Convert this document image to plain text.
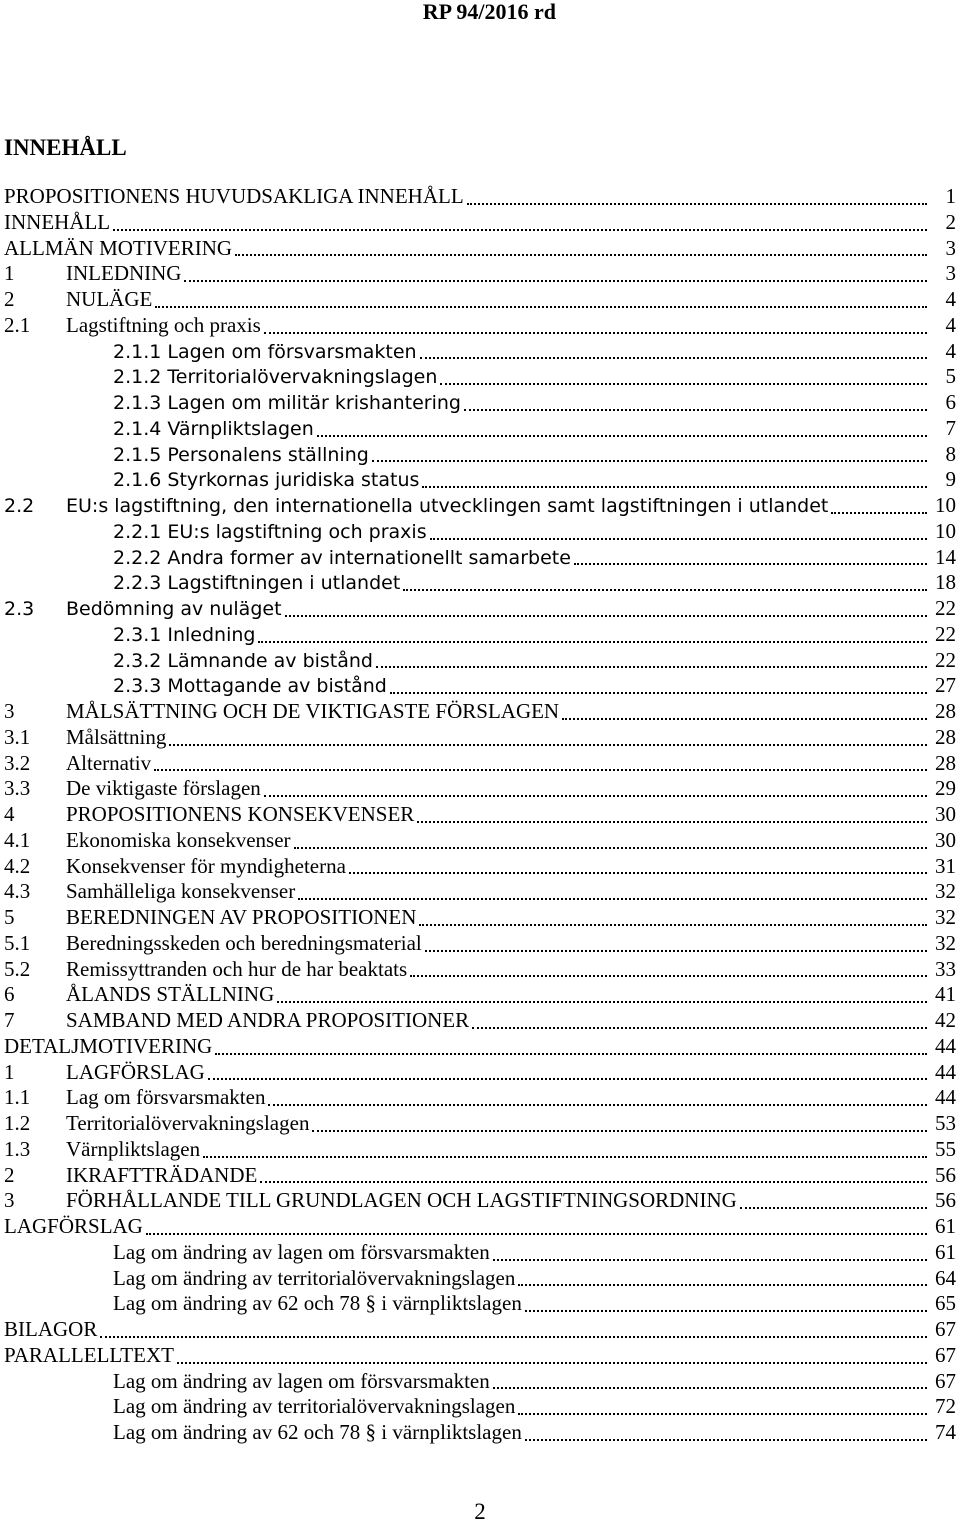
RP 94/2016 rd
INNEHÅLL
PROPOSITIONENS HUVUDSAKLIGA INNEHÅLL	1
INNEHÅLL	2
ALLMÄN MOTIVERING	3
1	INLEDNING	3
2	NULÄGE	4
2.1	Lagstiftning och praxis	4
2.1.1 Lagen om försvarsmakten	4
2.1.2 Territorialövervakningslagen	5
2.1.3 Lagen om militär krishantering	6
2.1.4 Värnpliktslagen	7
2.1.5 Personalens ställning	8
2.1.6 Styrkornas juridiska status	9
2.2	EU:s lagstiftning, den internationella utvecklingen samt lagstiftningen i utlandet	10
2.2.1 EU:s lagstiftning och praxis	10
2.2.2 Andra former av internationellt samarbete	14
2.2.3 Lagstiftningen i utlandet	18
2.3	Bedömning av nuläget	22
2.3.1 Inledning	22
2.3.2 Lämnande av bistånd	22
2.3.3 Mottagande av bistånd	27
3	MÅLSÄTTNING OCH DE VIKTIGASTE FÖRSLAGEN	28
3.1	Målsättning	28
3.2	Alternativ	28
3.3	De viktigaste förslagen	29
4	PROPOSITIONENS KONSEKVENSER	30
4.1	Ekonomiska konsekvenser	30
4.2	Konsekvenser för myndigheterna	31
4.3	Samhälleliga konsekvenser	32
5	BEREDNINGEN AV PROPOSITIONEN	32
5.1	Beredningsskeden och beredningsmaterial	32
5.2	Remissyttranden och hur de har beaktats	33
6	ÅLANDS STÄLLNING	41
7	SAMBAND MED ANDRA PROPOSITIONER	42
DETALJMOTIVERING	44
1	LAGFÖRSLAG	44
1.1	Lag om försvarsmakten	44
1.2	Territorialövervakningslagen	53
1.3	Värnpliktslagen	55
2	IKRAFTTRÄDANDE	56
3	FÖRHÅLLANDE TILL GRUNDLAGEN OCH LAGSTIFTNINGSORDNING	56
LAGFÖRSLAG	61
Lag om ändring av lagen om försvarsmakten	61
Lag om ändring av territorialövervakningslagen	64
Lag om ändring av 62 och 78 § i värnpliktslagen	65
BILAGOR	67
PARALLELLTEXT	67
Lag om ändring av lagen om försvarsmakten	67
Lag om ändring av territorialövervakningslagen	72
Lag om ändring av 62 och 78 § i värnpliktslagen	74
2
